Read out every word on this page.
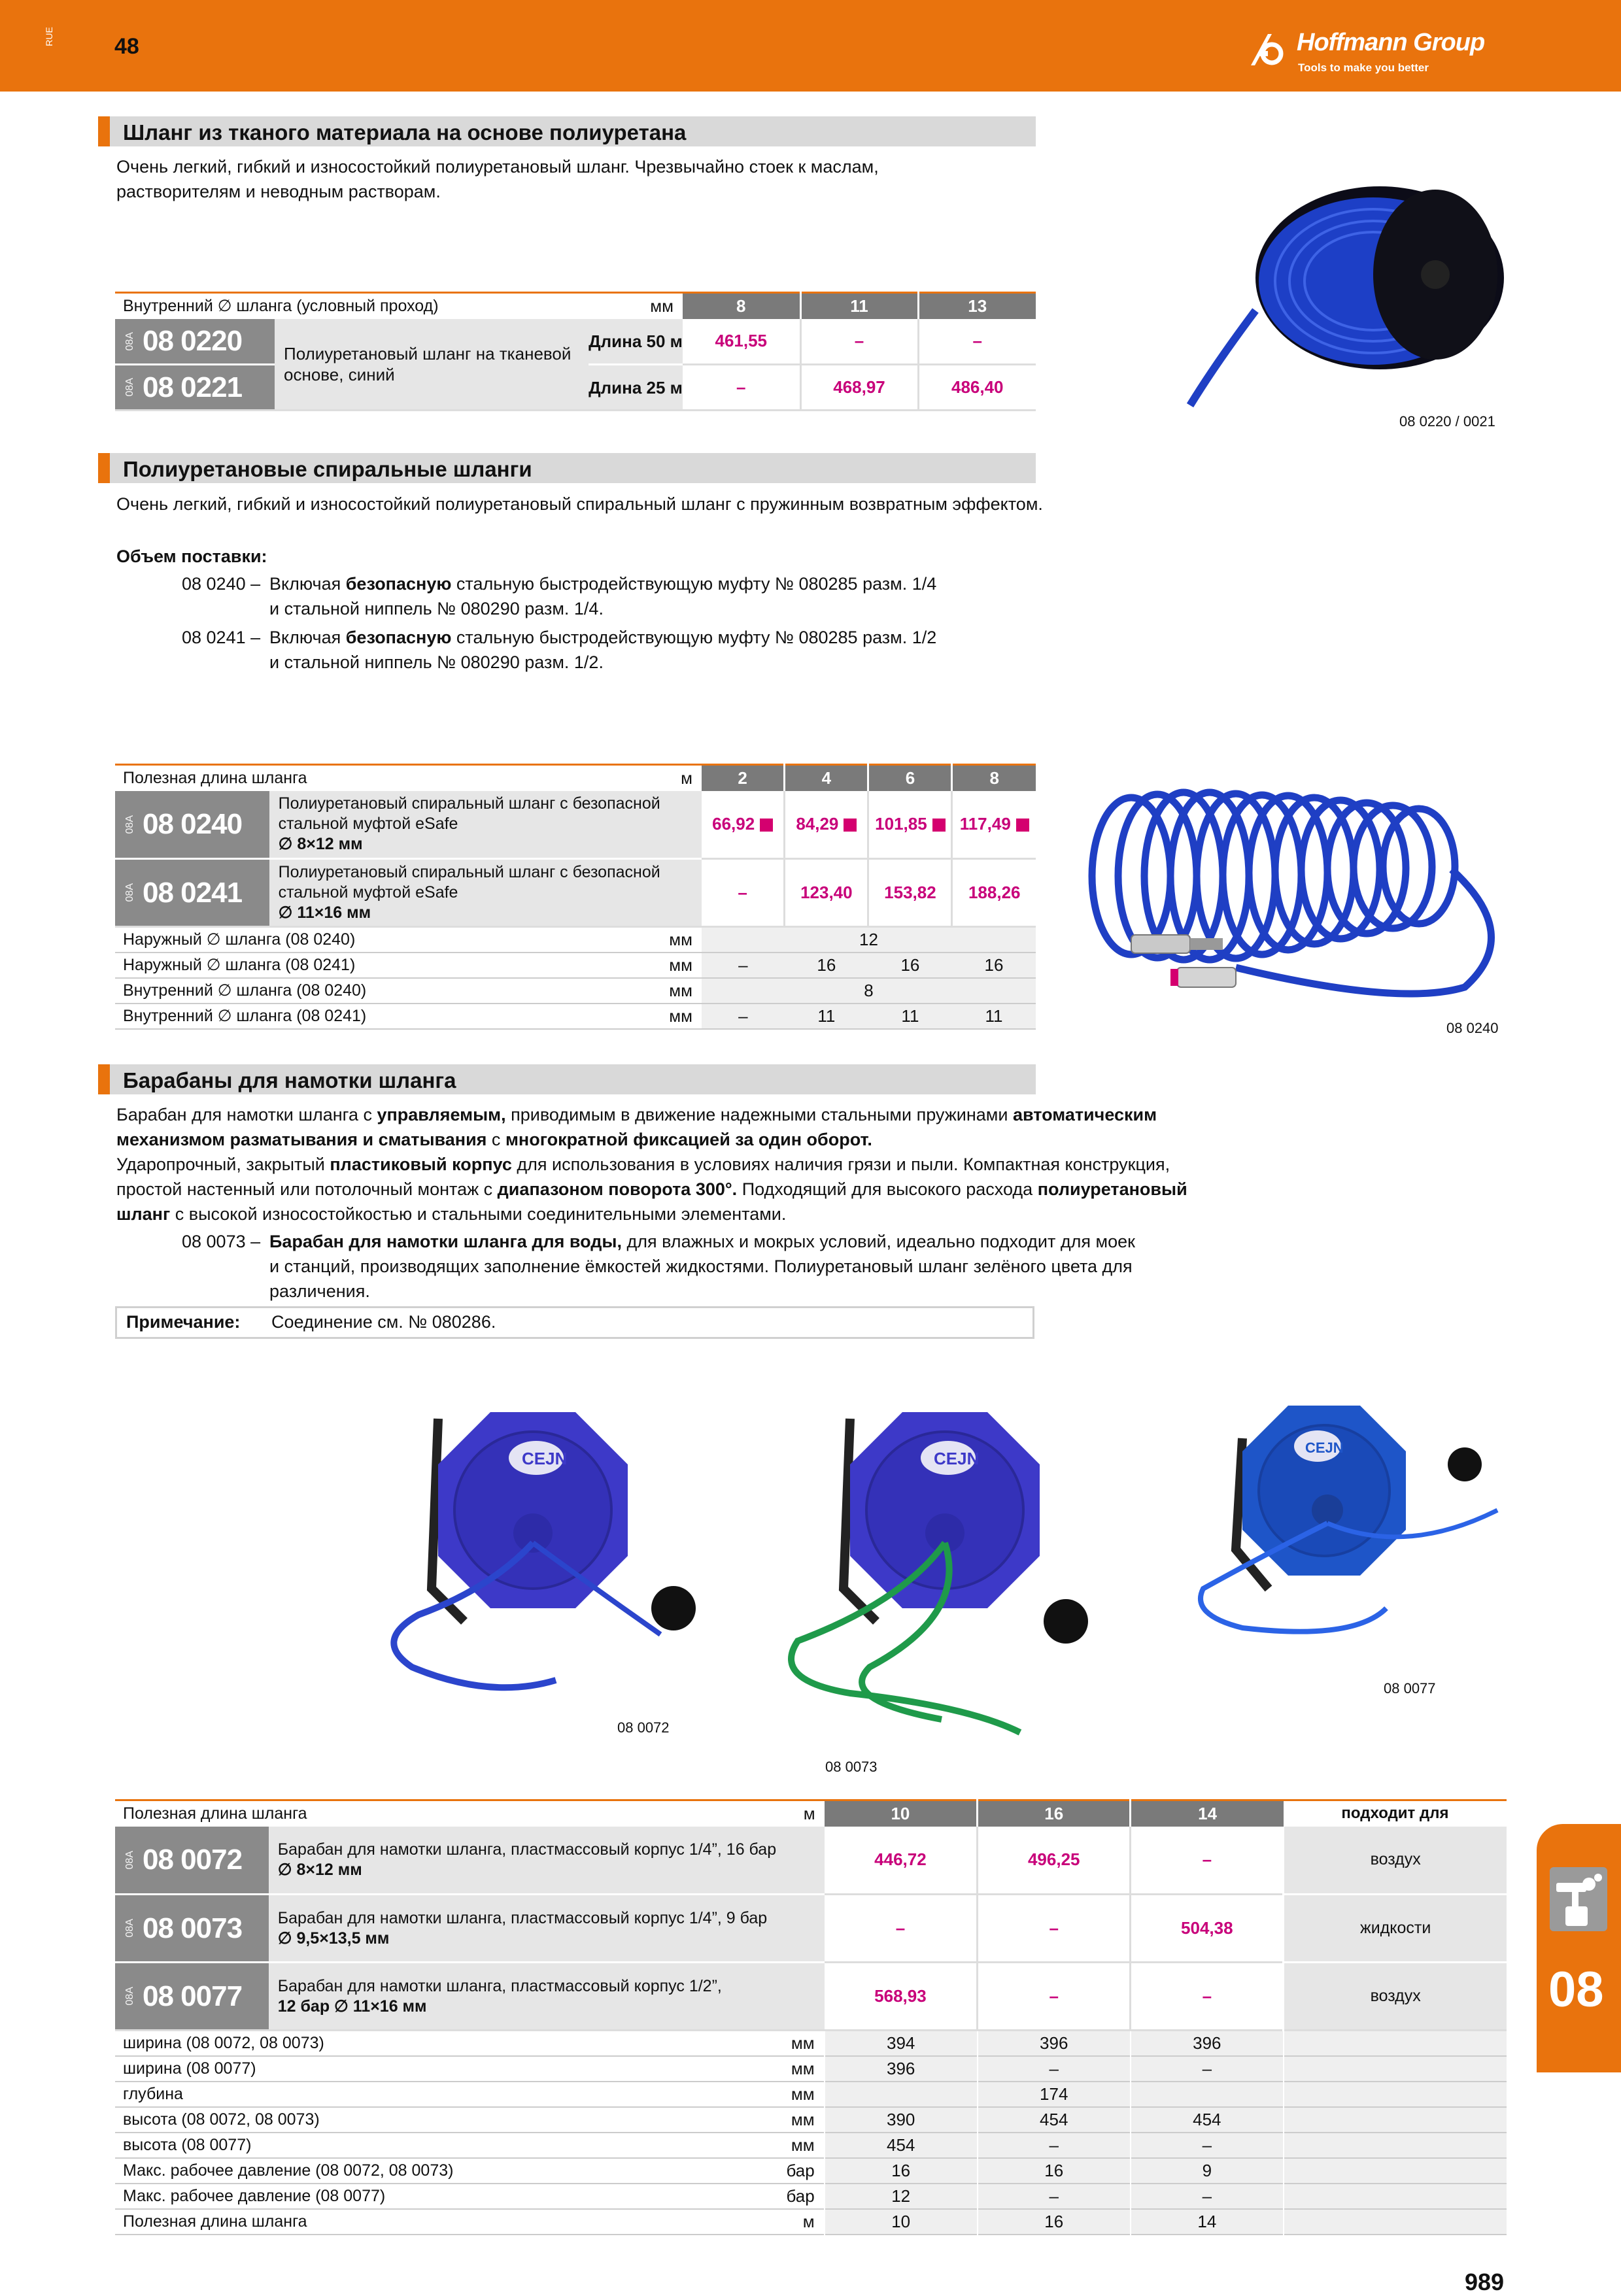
RUE	48	Hoffmann Group
Tools to make you better
Шланг из тканого материала на основе полиуретана
Очень легкий, гибкий и износостойкий полиуретановый шланг. Чрезвычайно стоек к маслам, растворителям и неводным растворам.
08 0220 / 0021
Внутренний ∅ шланга (условный проход)		мм	8	11	13

08A 08 0220	Полиуретановый шланг на тканевой основе, синий	Длина 50 м	461,55	–	–

08A 08 0221		Длина 25 м	–	468,97	486,40
Полиуретановые спиральные шланги
Очень легкий, гибкий и износостойкий полиуретановый спиральный шланг с пружинным возвратным эффектом.
Объем поставки:
08 0240 – Включая безопасную стальную быстродействующую муфту № 080285 разм. 1/4
и стальной ниппель № 080290 разм. 1/4.
08 0241 – Включая безопасную стальную быстродействующую муфту № 080285 разм. 1/2
и стальной ниппель № 080290 разм. 1/2.
08 0240
Полезная длина шланга		м	2	4	6	8

08A 08 0240	Полиуретановый спиральный шланг с безопасной стальной муфтой eSafe
∅ 8×12 мм		66,92	84,29	101,85	117,49

08A 08 0241	Полиуретановый спиральный шланг с безопасной стальной муфтой eSafe
∅ 11×16 мм		–	123,40	153,82	188,26
Наружный ∅ шланга (08 0240)		мм	12			
Наружный ∅ шланга (08 0241)		мм	–	16	16	16
Внутренний ∅ шланга (08 0240)		мм	8			
Внутренний ∅ шланга (08 0241)		мм	–	11	11	11
Барабаны для намотки шланга
Барабан для намотки шланга с управляемым, приводимым в движение надежными стальными пружинами автоматическим
механизмом разматывания и сматывания с многократной фиксацией за один оборот.
Ударопрочный, закрытый пластиковый корпус для использования в условиях наличия грязи и пыли. Компактная конструкция,
простой настенный или потолочный монтаж с диапазоном поворота 300°. Подходящий для высокого расхода полиуретановый
шланг с высокой износостойкостью и стальными соединительными элементами.
08 0073 – Барабан для намотки шланга для воды, для влажных и мокрых условий, идеально подходит для моек
и станций, производящих заполнение ёмкостей жидкостями. Полиуретановый шланг зелёного цвета для
различения.
Примечание: Соединение см. № 080286.
CEJN
08 0072
CEJN
08 0073
CEJN
08 0077
Полезная длина шланга		м	10	16	14	подходит для

08A 08 0072	Барабан для намотки шланга, пластмассовый корпус 1/4”, 16 бар
∅ 8×12 мм		446,72	496,25	–	воздух

08A 08 0073	Барабан для намотки шланга, пластмассовый корпус 1/4”, 9 бар
∅ 9,5×13,5 мм		–	–	504,38	жидкости

08A 08 0077	Барабан для намотки шланга, пластмассовый корпус 1/2”,
12 бар ∅ 11×16 мм		568,93	–	–	воздух
ширина (08 0072, 08 0073)		мм	394	396	396	
ширина (08 0077)		мм	396	–	–	
глубина		мм		174		
высота (08 0072, 08 0073)		мм	390	454	454	
высота (08 0077)		мм	454	–	–	
Макс. рабочее давление (08 0072, 08 0073)		бар	16	16	9	
Макс. рабочее давление (08 0077)		бар	12	–	–	
Полезная длина шланга		м	10	16	14	
08
989
